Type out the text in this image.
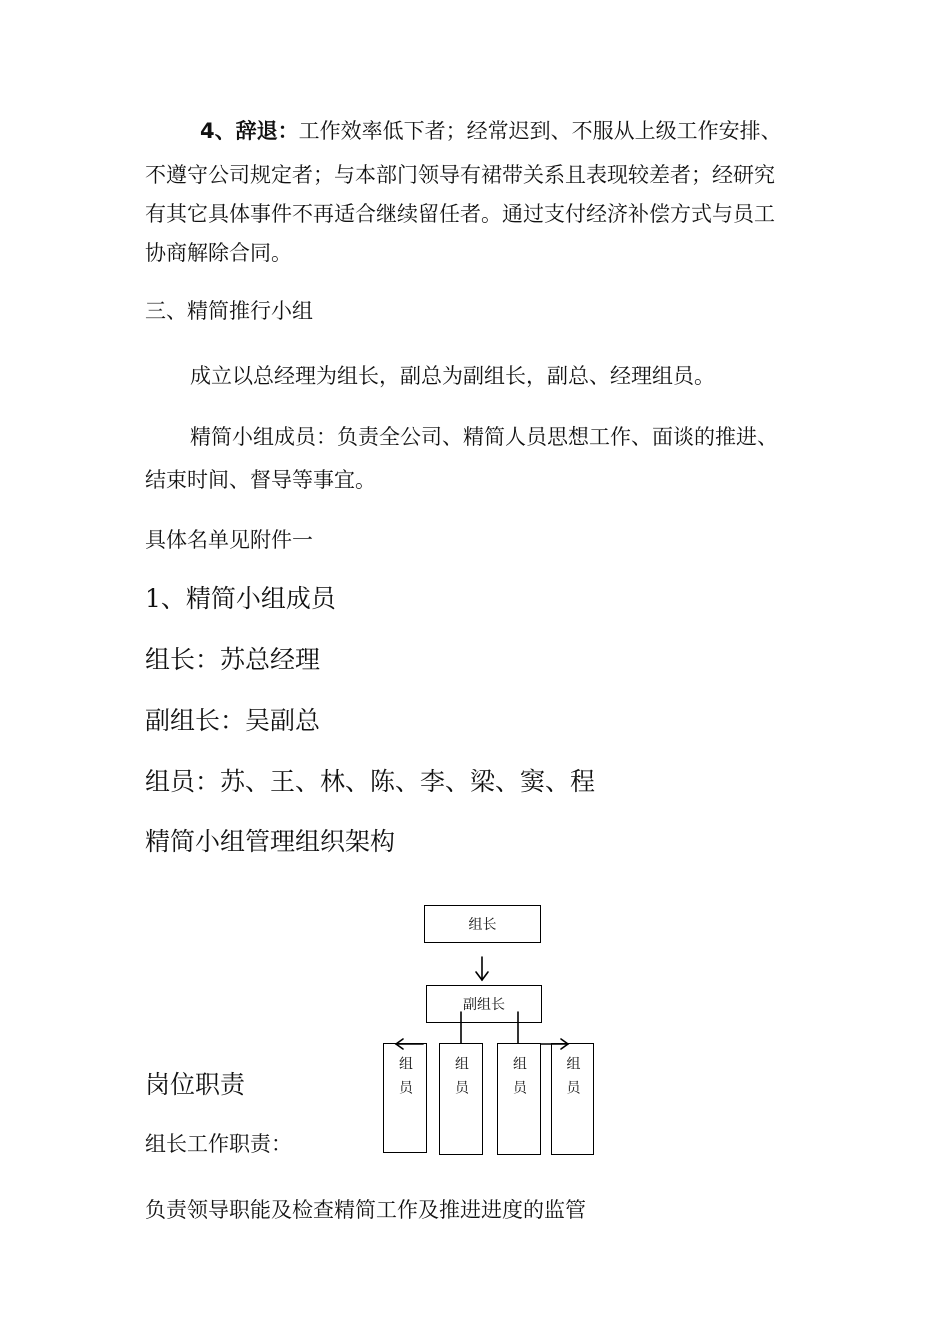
4、辞退：工作效率低下者；经常迟到、不服从上级工作安排、
不遵守公司规定者；与本部门领导有裙带关系且表现较差者；经研究
有其它具体事件不再适合继续留任者。通过支付经济补偿方式与员工
协商解除合同。
三、精简推行小组
成立以总经理为组长，副总为副组长，副总、经理组员。
精简小组成员：负责全公司、精简人员思想工作、面谈的推进、
结束时间、督导等事宜。
具体名单见附件一
1、精简小组成员
组长：苏总经理
副组长：吴副总
组员：苏、王、林、陈、李、梁、窦、程
精简小组管理组织架构
组长
副组长
组员	组员	组员	组员
岗位职责
组长工作职责：
负责领导职能及检查精简工作及推进进度的监管
